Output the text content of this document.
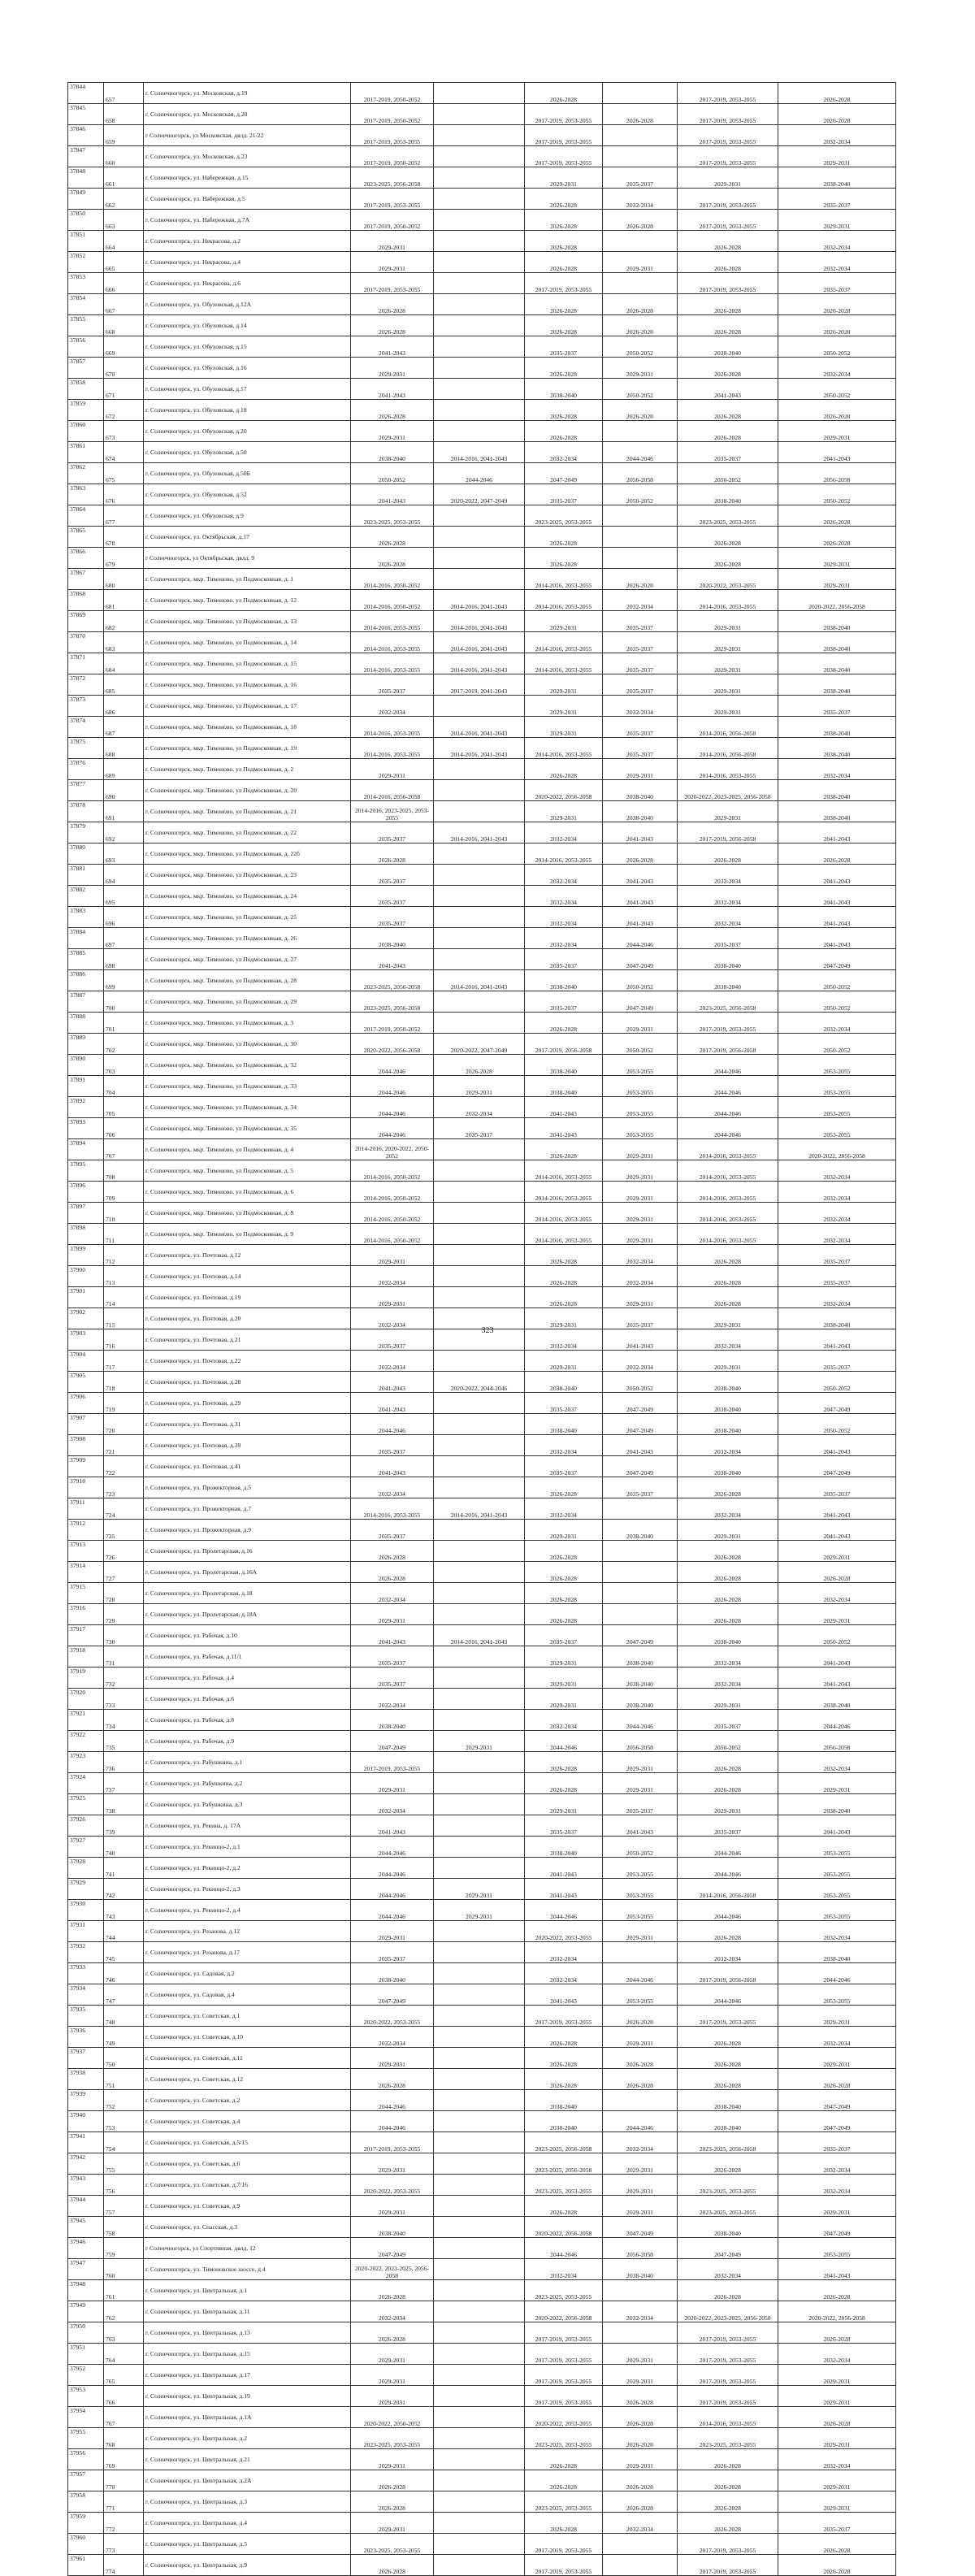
37844	657	г. Солнечногорск, ул. Московская, д.19	2017-2019, 2050-2052		2026-2028		2017-2019, 2053-2055	2026-2028
37845	658	г. Солнечногорск, ул. Московская, д.20	2017-2019, 2050-2052		2017-2019, 2053-2055	2026-2028	2017-2019, 2053-2055	2026-2028
37846	659	г Солнечногорск, ул Московская, двлд. 21/22	2017-2019, 2053-2055		2017-2019, 2053-2055		2017-2019, 2053-2055	2032-2034
37847	660	г. Солнечногорск, ул. Московская, д.23	2017-2019, 2050-2052		2017-2019, 2053-2055		2017-2019, 2053-2055	2029-2031
37848	661	г. Солнечногорск, ул. Набережная, д.15	2023-2025, 2056-2058		2029-2031	2035-2037	2029-2031	2038-2040
37849	662	г. Солнечногорск, ул. Набережная, д.5	2017-2019, 2053-2055		2026-2028	2032-2034	2017-2019, 2053-2055	2035-2037
37850	663	г. Солнечногорск, ул. Набережная, д.7А	2017-2019, 2050-2052		2026-2028	2026-2028	2017-2019, 2053-2055	2029-2031
37851	664	г. Солнечногорск, ул. Некрасова, д.2	2029-2031		2026-2028		2026-2028	2032-2034
37852	665	г. Солнечногорск, ул. Некрасова, д.4	2029-2031		2026-2028	2029-2031	2026-2028	2032-2034
37853	666	г. Солнечногорск, ул. Некрасова, д.6	2017-2019, 2053-2055		2017-2019, 2053-2055		2017-2019, 2053-2055	2035-2037
37854	667	г. Солнечногорск, ул. Обуховская, д.12А	2026-2028		2026-2028	2026-2028	2026-2028	2026-2028
37855	668	г. Солнечногорск, ул. Обуховская, д.14	2026-2028		2026-2028	2026-2028	2026-2028	2026-2028
37856	669	г. Солнечногорск, ул. Обуховская, д.15	2041-2043		2035-2037	2050-2052	2038-2040	2050-2052
37857	670	г. Солнечногорск, ул. Обуховская, д.16	2029-2031		2026-2028	2029-2031	2026-2028	2032-2034
37858	671	г. Солнечногорск, ул. Обуховская, д.17	2041-2043		2038-2040	2050-2052	2041-2043	2050-2052
37859	672	г. Солнечногорск, ул. Обуховская, д.18	2026-2028		2026-2028	2026-2028	2026-2028	2026-2028
37860	673	г. Солнечногорск, ул. Обуховская, д.20	2029-2031		2026-2028		2026-2028	2029-2031
37861	674	г. Солнечногорск, ул. Обуховская, д.50	2038-2040	2014-2016, 2041-2043	2032-2034	2044-2046	2035-2037	2041-2043
37862	675	г. Солнечногорск, ул. Обуховская, д.50Б	2050-2052	2044-2046	2047-2049	2056-2058	2050-2052	2056-2058
37863	676	г. Солнечногорск, ул. Обуховская, д.52	2041-2043	2020-2022, 2047-2049	2035-2037	2050-2052	2038-2040	2050-2052
37864	677	г. Солнечногорск, ул. Обуховская, д.9	2023-2025, 2053-2055		2023-2025, 2053-2055		2023-2025, 2053-2055	2026-2028
37865	678	г. Солнечногорск, ул. Октябрьская, д.17	2026-2028		2026-2028		2026-2028	2026-2028
37866	679	г Солнечногорск, ул Октябрьская, двлд. 9	2026-2028		2026-2028		2026-2028	2029-2031
37867	680	г. Солнечногорск, мкр. Тимоново, ул Подмосковная, д. 1	2014-2016, 2050-2052		2014-2016, 2053-2055	2026-2028	2020-2022, 2053-2055	2029-2031
37868	681	г. Солнечногорск, мкр. Тимоново, ул Подмосковная, д. 12	2014-2016, 2050-2052	2014-2016, 2041-2043	2014-2016, 2053-2055	2032-2034	2014-2016, 2053-2055	2020-2022, 2056-2058
37869	682	г. Солнечногорск, мкр. Тимоново, ул Подмосковная, д. 13	2014-2016, 2053-2055	2014-2016, 2041-2043	2029-2031	2035-2037	2029-2031	2038-2040
37870	683	г. Солнечногорск, мкр. Тимоново, ул Подмосковная, д. 14	2014-2016, 2053-2055	2014-2016, 2041-2043	2014-2016, 2053-2055	2035-2037	2029-2031	2038-2040
37871	684	г. Солнечногорск, мкр. Тимоново, ул Подмосковная, д. 15	2014-2016, 2053-2055	2014-2016, 2041-2043	2014-2016, 2053-2055	2035-2037	2029-2031	2038-2040
37872	685	г. Солнечногорск, мкр. Тимоново, ул Подмосковная, д. 16	2035-2037	2017-2019, 2041-2043	2029-2031	2035-2037	2029-2031	2038-2040
37873	686	г. Солнечногорск, мкр. Тимоново, ул Подмосковная, д. 17	2032-2034		2029-2031	2032-2034	2029-2031	2035-2037
37874	687	г. Солнечногорск, мкр. Тимоново, ул Подмосковная, д. 18	2014-2016, 2053-2055	2014-2016, 2041-2043	2029-2031	2035-2037	2014-2016, 2056-2058	2038-2040
37875	688	г. Солнечногорск, мкр. Тимоново, ул Подмосковная, д. 19	2014-2016, 2053-2055	2014-2016, 2041-2043	2014-2016, 2053-2055	2035-2037	2014-2016, 2056-2058	2038-2040
37876	689	г. Солнечногорск, мкр. Тимоново, ул Подмосковная, д. 2	2029-2031		2026-2028	2029-2031	2014-2016, 2053-2055	2032-2034
37877	690	г. Солнечногорск, мкр. Тимоново, ул Подмосковная, д. 20	2014-2016, 2056-2058		2020-2022, 2056-2058	2038-2040	2020-2022, 2023-2025, 2056-2058	2038-2040
37878	691	г. Солнечногорск, мкр. Тимоново, ул Подмосковная, д. 21	2014-2016, 2023-2025, 2053-2055		2029-2031	2038-2040	2029-2031	2038-2040
37879	692	г. Солнечногорск, мкр. Тимоново, ул Подмосковная, д. 22	2035-2037	2014-2016, 2041-2043	2032-2034	2041-2043	2017-2019, 2056-2058	2041-2043
37880	693	г. Солнечногорск, мкр. Тимоново, ул Подмосковная, д. 22б	2026-2028		2014-2016, 2053-2055	2026-2028	2026-2028	2026-2028
37881	694	г. Солнечногорск, мкр. Тимоново, ул Подмосковная, д. 23	2035-2037		2032-2034	2041-2043	2032-2034	2041-2043
37882	695	г. Солнечногорск, мкр. Тимоново, ул Подмосковная, д. 24	2035-2037		2032-2034	2041-2043	2032-2034	2041-2043
37883	696	г. Солнечногорск, мкр. Тимоново, ул Подмосковная, д. 25	2035-2037		2032-2034	2041-2043	2032-2034	2041-2043
37884	697	г. Солнечногорск, мкр. Тимоново, ул Подмосковная, д. 26	2038-2040		2032-2034	2044-2046	2035-2037	2041-2043
37885	698	г. Солнечногорск, мкр. Тимоново, ул Подмосковная, д. 27	2041-2043		2035-2037	2047-2049	2038-2040	2047-2049
37886	699	г. Солнечногорск, мкр. Тимоново, ул Подмосковная, д. 28	2023-2025, 2056-2058	2014-2016, 2041-2043	2038-2040	2050-2052	2038-2040	2050-2052
37887	700	г. Солнечногорск, мкр. Тимоново, ул Подмосковная, д. 29	2023-2025, 2056-2058		2035-2037	2047-2049	2023-2025, 2056-2058	2050-2052
37888	701	г. Солнечногорск, мкр. Тимоново, ул Подмосковная, д. 3	2017-2019, 2050-2052		2026-2028	2029-2031	2017-2019, 2053-2055	2032-2034
37889	702	г. Солнечногорск, мкр. Тимоново, ул Подмосковная, д. 30	2020-2022, 2056-2058	2020-2022, 2047-2049	2017-2019, 2056-2058	2050-2052	2017-2019, 2056-2058	2050-2052
37890	703	г. Солнечногорск, мкр. Тимоново, ул Подмосковная, д. 32	2044-2046	2026-2028	2038-2040	2053-2055	2044-2046	2053-2055
37891	704	г. Солнечногорск, мкр. Тимоново, ул Подмосковная, д. 33	2044-2046	2029-2031	2038-2040	2053-2055	2044-2046	2053-2055
37892	705	г. Солнечногорск, мкр. Тимоново, ул Подмосковная, д. 34	2044-2046	2032-2034	2041-2043	2053-2055	2044-2046	2053-2055
37893	706	г. Солнечногорск, мкр. Тимоново, ул Подмосковная, д. 35	2044-2046	2035-2037	2041-2043	2053-2055	2044-2046	2053-2055
37894	707	г. Солнечногорск, мкр. Тимоново, ул Подмосковная, д. 4	2014-2016, 2020-2022, 2050-2052		2026-2028	2029-2031	2014-2016, 2053-2055	2020-2022, 2056-2058
37895	708	г. Солнечногорск, мкр. Тимоново, ул Подмосковная, д. 5	2014-2016, 2050-2052		2014-2016, 2053-2055	2029-2031	2014-2016, 2053-2055	2032-2034
37896	709	г. Солнечногорск, мкр. Тимоново, ул Подмосковная, д. 6	2014-2016, 2050-2052		2014-2016, 2053-2055	2029-2031	2014-2016, 2053-2055	2032-2034
37897	710	г. Солнечногорск, мкр. Тимоново, ул Подмосковная, д. 8	2014-2016, 2050-2052		2014-2016, 2053-2055	2029-2031	2014-2016, 2053-2055	2032-2034
37898	711	г. Солнечногорск, мкр. Тимоново, ул Подмосковная, д. 9	2014-2016, 2050-2052		2014-2016, 2053-2055	2029-2031	2014-2016, 2053-2055	2032-2034
37899	712	г. Солнечногорск, ул. Почтовая, д.12	2029-2031		2026-2028	2032-2034	2026-2028	2035-2037
37900	713	г. Солнечногорск, ул. Почтовая, д.14	2032-2034		2026-2028	2032-2034	2026-2028	2035-2037
37901	714	г. Солнечногорск, ул. Почтовая, д.19	2029-2031		2026-2028	2029-2031	2026-2028	2032-2034
37902	715	г. Солнечногорск, ул. Почтовая, д.20	2032-2034		2029-2031	2035-2037	2029-2031	2038-2040
37903	716	г. Солнечногорск, ул. Почтовая, д.21	2035-2037		2032-2034	2041-2043	2032-2034	2041-2043
37904	717	г. Солнечногорск, ул. Почтовая, д.22	2032-2034		2029-2031	2032-2034	2029-2031	2035-2037
37905	718	г. Солнечногорск, ул. Почтовая, д.28	2041-2043	2020-2022, 2044-2046	2038-2040	2050-2052	2038-2040	2050-2052
37906	719	г. Солнечногорск, ул. Почтовая, д.29	2041-2043		2035-2037	2047-2049	2038-2040	2047-2049
37907	720	г. Солнечногорск, ул. Почтовая, д.31	2044-2046		2038-2040	2047-2049	2038-2040	2050-2052
37908	721	г. Солнечногорск, ул. Почтовая, д.39	2035-2037		2032-2034	2041-2043	2032-2034	2041-2043
37909	722	г. Солнечногорск, ул. Почтовая, д.41	2041-2043		2035-2037	2047-2049	2038-2040	2047-2049
37910	723	г. Солнечногорск, ул. Прожекторная, д.5	2032-2034		2026-2028	2035-2037	2026-2028	2035-2037
37911	724	г. Солнечногорск, ул. Прожекторная, д.7	2014-2016, 2053-2055	2014-2016, 2041-2043	2032-2034		2032-2034	2041-2043
37912	725	г. Солнечногорск, ул. Прожекторная, д.9	2035-2037		2029-2031	2038-2040	2029-2031	2041-2043
37913	726	г. Солнечногорск, ул. Пролетарская, д.16	2026-2028		2026-2028		2026-2028	2029-2031
37914	727	г. Солнечногорск, ул. Пролетарская, д.16А	2026-2028		2026-2028		2026-2028	2026-2028
37915	728	г. Солнечногорск, ул. Пролетарская, д.18	2032-2034		2026-2028		2026-2028	2032-2034
37916	729	г. Солнечногорск, ул. Пролетарская, д.18А	2029-2031		2026-2028		2026-2028	2029-2031
37917	730	г. Солнечногорск, ул. Рабочая, д.10	2041-2043	2014-2016, 2041-2043	2035-2037	2047-2049	2038-2040	2050-2052
37918	731	г. Солнечногорск, ул. Рабочая, д.11/1	2035-2037		2029-2031	2038-2040	2032-2034	2041-2043
37919	732	г. Солнечногорск, ул. Рабочая, д.4	2035-2037		2029-2031	2038-2040	2032-2034	2041-2043
37920	733	г. Солнечногорск, ул. Рабочая, д.6	2032-2034		2029-2031	2038-2040	2029-2031	2038-2040
37921	734	г. Солнечногорск, ул. Рабочая, д.8	2038-2040		2032-2034	2044-2046	2035-2037	2044-2046
37922	735	г. Солнечногорск, ул. Рабочая, д.9	2047-2049	2029-2031	2044-2046	2056-2058	2050-2052	2056-2058
37923	736	г. Солнечногорск, ул. Рабушкина, д.1	2017-2019, 2053-2055		2026-2028	2029-2031	2026-2028	2032-2034
37924	737	г. Солнечногорск, ул. Рабушкина, д.2	2029-2031		2026-2028	2029-2031	2026-2028	2029-2031
37925	738	г. Солнечногорск, ул. Рабушкина, д.3	2032-2034		2029-2031	2035-2037	2029-2031	2038-2040
37926	739	г. Солнечногорск, ул. Рекина, д. 17А	2041-2043		2035-2037	2041-2043	2035-2037	2041-2043
37927	740	г. Солнечногорск, ул. Рекинцо-2, д.1	2044-2046		2038-2040	2050-2052	2044-2046	2053-2055
37928	741	г. Солнечногорск, ул. Рекинцо-2, д.2	2044-2046		2041-2043	2053-2055	2044-2046	2053-2055
37929	742	г. Солнечногорск, ул. Рекинцо-2, д.3	2044-2046	2029-2031	2041-2043	2053-2055	2014-2016, 2056-2058	2053-2055
37930	743	г. Солнечногорск, ул. Рекинцо-2, д.4	2044-2046	2029-2031	2044-2046	2053-2055	2044-2046	2053-2055
37931	744	г. Солнечногорск, ул. Розанова, д.12	2029-2031		2020-2022, 2053-2055	2029-2031	2026-2028	2032-2034
37932	745	г. Солнечногорск, ул. Розанова, д.17	2035-2037		2032-2034		2032-2034	2038-2040
37933	746	г. Солнечногорск, ул. Садовая, д.2	2038-2040		2032-2034	2044-2046	2017-2019, 2056-2058	2044-2046
37934	747	г. Солнечногорск, ул. Садовая, д.4	2047-2049		2041-2043	2053-2055	2044-2046	2053-2055
37935	748	г. Солнечногорск, ул. Советская, д.1	2020-2022, 2053-2055		2017-2019, 2053-2055	2026-2028	2017-2019, 2053-2055	2029-2031
37936	749	г. Солнечногорск, ул. Советская, д.10	2032-2034		2026-2028	2029-2031	2026-2028	2032-2034
37937	750	г. Солнечногорск, ул. Советская, д.11	2029-2031		2026-2028	2026-2028	2026-2028	2029-2031
37938	751	г. Солнечногорск, ул. Советская, д.12	2026-2028		2026-2028	2026-2028	2026-2028	2026-2028
37939	752	г. Солнечногорск, ул. Советская, д.2	2044-2046		2038-2040		2038-2040	2047-2049
37940	753	г. Солнечногорск, ул. Советская, д.4	2044-2046		2038-2040	2044-2046	2038-2040	2047-2049
37941	754	г. Солнечногорск, ул. Советская, д.5/15	2017-2019, 2053-2055		2023-2025, 2056-2058	2032-2034	2023-2025, 2056-2058	2035-2037
37942	755	г. Солнечногорск, ул. Советская, д.6	2029-2031		2023-2025, 2056-2058	2029-2031	2026-2028	2032-2034
37943	756	г. Солнечногорск, ул. Советская, д.7/16	2020-2022, 2053-2055		2023-2025, 2053-2055	2029-2031	2023-2025, 2053-2055	2032-2034
37944	757	г. Солнечногорск, ул. Советская, д.9	2029-2031		2026-2028	2029-2031	2023-2025, 2053-2055	2029-2031
37945	758	г. Солнечногорск, ул. Спасская, д.3	2038-2040		2020-2022, 2056-2058	2047-2049	2038-2040	2047-2049
37946	759	г Солнечногорск, ул Спортивная, двлд. 12	2047-2049		2044-2046	2056-2058	2047-2049	2053-2055
37947	760	г. Солнечногорск, ул. Тимоновское шоссе, д.4	2020-2022, 2023-2025, 2056-2058		2032-2034	2038-2040	2032-2034	2041-2043
37948	761	г. Солнечногорск, ул. Центральная, д.1	2026-2028		2023-2025, 2053-2055		2026-2028	2026-2028
37949	762	г. Солнечногорск, ул. Центральная, д.11	2032-2034		2020-2022, 2056-2058	2032-2034	2020-2022, 2023-2025, 2056-2058	2020-2022, 2056-2058
37950	763	г. Солнечногорск, ул. Центральная, д.13	2026-2028		2017-2019, 2053-2055		2017-2019, 2053-2055	2026-2028
37951	764	г. Солнечногорск, ул. Центральная, д.15	2029-2031		2017-2019, 2053-2055	2029-2031	2017-2019, 2053-2055	2032-2034
37952	765	г. Солнечногорск, ул. Центральная, д.17	2029-2031		2017-2019, 2053-2055	2029-2031	2017-2019, 2053-2055	2029-2031
37953	766	г. Солнечногорск, ул. Центральная, д.19	2029-2031		2017-2019, 2053-2055	2026-2028	2017-2019, 2053-2055	2029-2031
37954	767	г. Солнечногорск, ул. Центральная, д.1А	2020-2022, 2050-2052		2020-2022, 2053-2055	2026-2028	2014-2016, 2053-2055	2026-2028
37955	768	г. Солнечногорск, ул. Центральная, д.2	2023-2025, 2053-2055		2023-2025, 2053-2055	2026-2028	2023-2025, 2053-2055	2029-2031
37956	769	г. Солнечногорск, ул. Центральная, д.21	2029-2031		2026-2028	2029-2031	2026-2028	2032-2034
37957	770	г. Солнечногорск, ул. Центральная, д.2А	2026-2028		2026-2028	2026-2028	2026-2028	2029-2031
37958	771	г. Солнечногорск, ул. Центральная, д.3	2026-2028		2023-2025, 2053-2055	2026-2028	2026-2028	2029-2031
37959	772	г. Солнечногорск, ул. Центральная, д.4	2029-2031		2026-2028	2032-2034	2026-2028	2035-2037
37960	773	г. Солнечногорск, ул. Центральная, д.5	2023-2025, 2053-2055		2017-2019, 2053-2055		2017-2019, 2053-2055	2026-2028
37961	774	г. Солнечногорск, ул. Центральная, д.9	2026-2028		2017-2019, 2053-2055		2017-2019, 2053-2055	2026-2028
323
